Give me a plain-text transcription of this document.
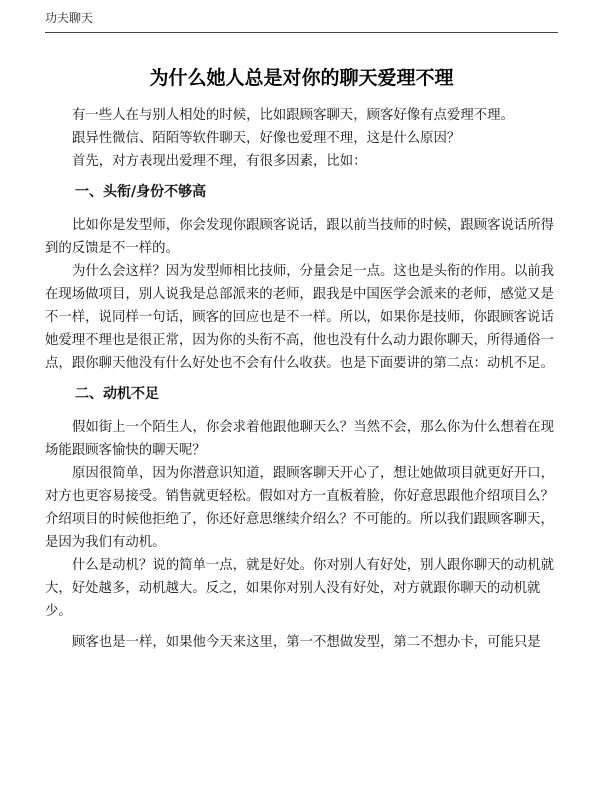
功夫聊天
为什么她人总是对你的聊天爱理不理

有一些人在与别人相处的时候，比如跟顾客聊天，顾客好像有点爱理不理。

跟异性微信、陌陌等软件聊天，好像也爱理不理，这是什么原因？

首先，对方表现出爱理不理，有很多因素，比如：

一、头衔/身份不够高

比如你是发型师，你会发现你跟顾客说话，跟以前当技师的时候，跟顾客说话所得到的反馈是不一样的。

为什么会这样？因为发型师相比技师，分量会足一点。这也是头衔的作用。以前我在现场做项目，别人说我是总部派来的老师，跟我是中国医学会派来的老师，感觉又是不一样，说同样一句话，顾客的回应也是不一样。所以，如果你是技师，你跟顾客说话她爱理不理也是很正常，因为你的头衔不高，他也没有什么动力跟你聊天，所得通俗一点，跟你聊天他没有什么好处也不会有什么收获。也是下面要讲的第二点：动机不足。

二、动机不足

假如街上一个陌生人，你会求着他跟他聊天么？当然不会，那么你为什么想着在现场能跟顾客愉快的聊天呢？

原因很简单，因为你潜意识知道，跟顾客聊天开心了，想让她做项目就更好开口，对方也更容易接受。销售就更轻松。假如对方一直板着脸，你好意思跟他介绍项目么？介绍项目的时候他拒绝了，你还好意思继续介绍么？不可能的。所以我们跟顾客聊天，是因为我们有动机。

什么是动机？说的简单一点，就是好处。你对别人有好处，别人跟你聊天的动机就大，好处越多，动机越大。反之，如果你对别人没有好处，对方就跟你聊天的动机就少。

顾客也是一样，如果他今天来这里，第一不想做发型，第二不想办卡，可能只是
